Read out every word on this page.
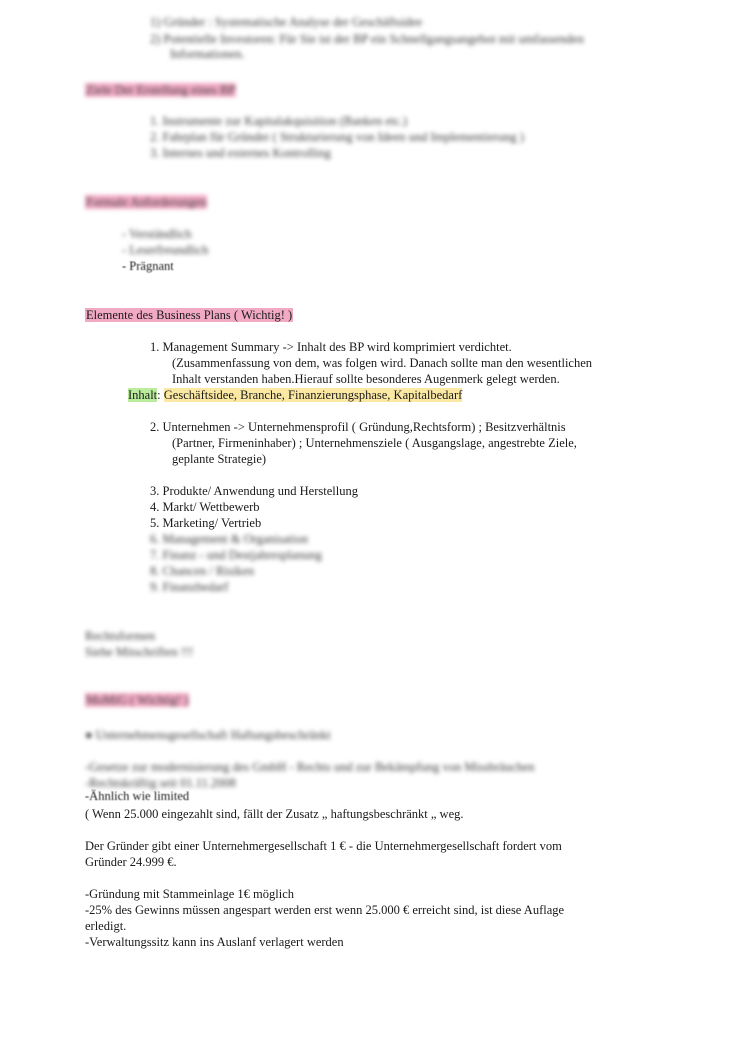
1) Gründer : Systematische Analyse der Geschäftsidee
2) Potentielle Investoren: Für Sie ist der BP ein Schnellgangsangebot mit umfassenden
Informationen.
Ziele Der Erstellung eines BP
1. Instrumente zur Kapitalakquisition (Banken etc.)
2. Fahrplan für Gründer ( Strukturierung von Ideen und Implementierung )
3. Internes und externes Kontrolling
Formale Anforderungen
- Verständlich
- Leserfreundlich
- Prägnant
Elemente des Business Plans ( Wichtig! )
1. Management Summary -> Inhalt des BP wird komprimiert verdichtet.
(Zusammenfassung von dem, was folgen wird. Danach sollte man den wesentlichen
Inhalt verstanden haben.Hierauf sollte besonderes Augenmerk gelegt werden.
Inhalt: Geschäftsidee, Branche, Finanzierungsphase, Kapitalbedarf
2. Unternehmen -> Unternehmensprofil ( Gründung,Rechtsform) ; Besitzverhältnis
(Partner, Firmeninhaber) ; Unternehmensziele ( Ausgangslage, angestrebte Ziele,
geplante Strategie)
3. Produkte/ Anwendung und Herstellung
4. Markt/ Wettbewerb
5. Marketing/ Vertrieb
6. Management & Organisation
7. Finanz - und Destjahresplanung
8. Chancen / Risiken
9. Finanzbedarf
Rechtsformen
Siehe Mitschriften !!!
MoMiG ( Wichtig! )
● Unternehmensgesellschaft Haftungsbeschränkt
-Gesetze zur modernisierung des GmbH - Rechts und zur Bekämpfung von Missbräuchen
-Rechtskräftig seit 01.11.2008
-Ähnlich wie limited
( Wenn 25.000 eingezahlt sind, fällt der Zusatz „ haftungsbeschränkt „ weg.
Der Gründer gibt einer Unternehmergesellschaft 1 € - die Unternehmergesellschaft fordert vom
Gründer 24.999 €.
-Gründung mit Stammeinlage 1€ möglich
-25% des Gewinns müssen angespart werden erst wenn 25.000 € erreicht sind, ist diese Auflage
erledigt.
-Verwaltungssitz kann ins Auslanf verlagert werden
